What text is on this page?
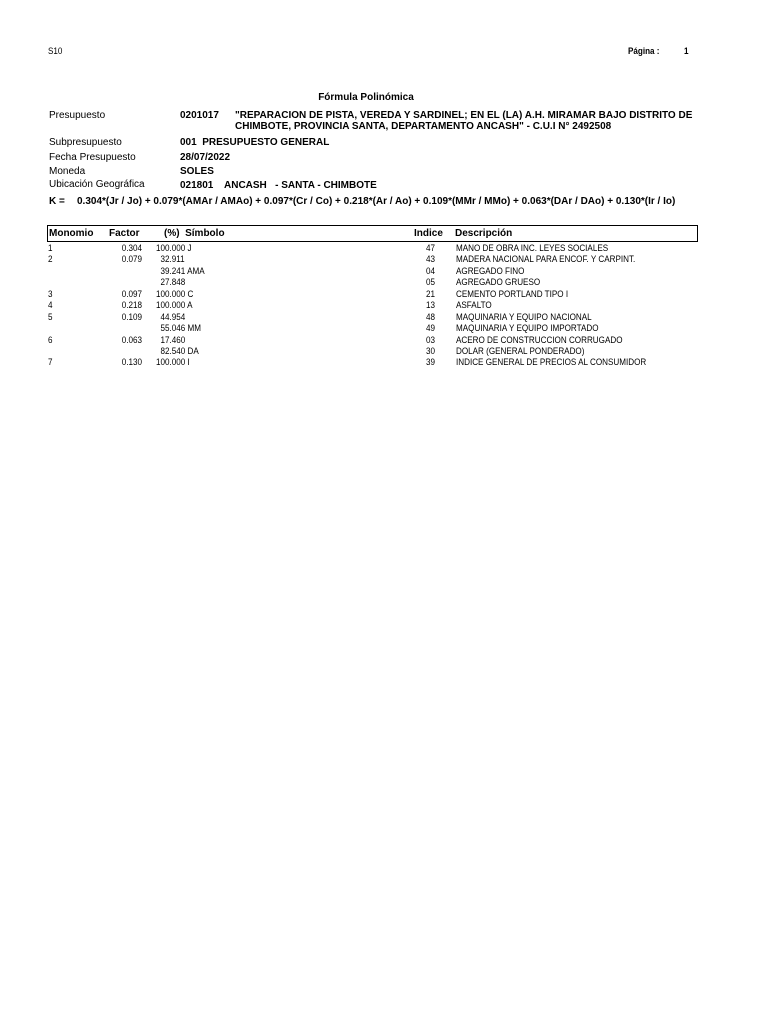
S10	Página :	1
Fórmula Polinómica
Presupuesto	0201017 "REPARACION DE PISTA, VEREDA Y SARDINEL; EN EL (LA) A.H. MIRAMAR BAJO DISTRITO DE
CHIMBOTE, PROVINCIA SANTA, DEPARTAMENTO ANCASH" - C.U.I N° 2492508
Subpresupuesto	001  PRESUPUESTO GENERAL
Fecha Presupuesto	28/07/2022
Moneda	SOLES
Ubicación Geográfica	021801 ANCASH   - SANTA - CHIMBOTE
K = 0.304*(Jr / Jo) + 0.079*(AMAr / AMAo) + 0.097*(Cr / Co) + 0.218*(Ar / Ao) + 0.109*(MMr / MMo) + 0.063*(DAr / DAo) + 0.130*(Ir / Io)
Monomio Factor (%)  Símbolo	Indice Descripción
1	0.304 100.000 J	47 MANO DE OBRA INC. LEYES SOCIALES
2	0.079 32.911	43 MADERA NACIONAL PARA ENCOF. Y CARPINT.
39.241 AMA	04 AGREGADO FINO
27.848	05 AGREGADO GRUESO
3	0.097 100.000 C	21 CEMENTO PORTLAND TIPO I
4	0.218 100.000 A	13 ASFALTO
5	0.109 44.954	48 MAQUINARIA Y EQUIPO NACIONAL
55.046 MM	49 MAQUINARIA Y EQUIPO IMPORTADO
6	0.063 17.460	03 ACERO DE CONSTRUCCION CORRUGADO
82.540 DA	30 DOLAR (GENERAL PONDERADO)
7	0.130 100.000 I	39 INDICE GENERAL DE PRECIOS AL CONSUMIDOR
